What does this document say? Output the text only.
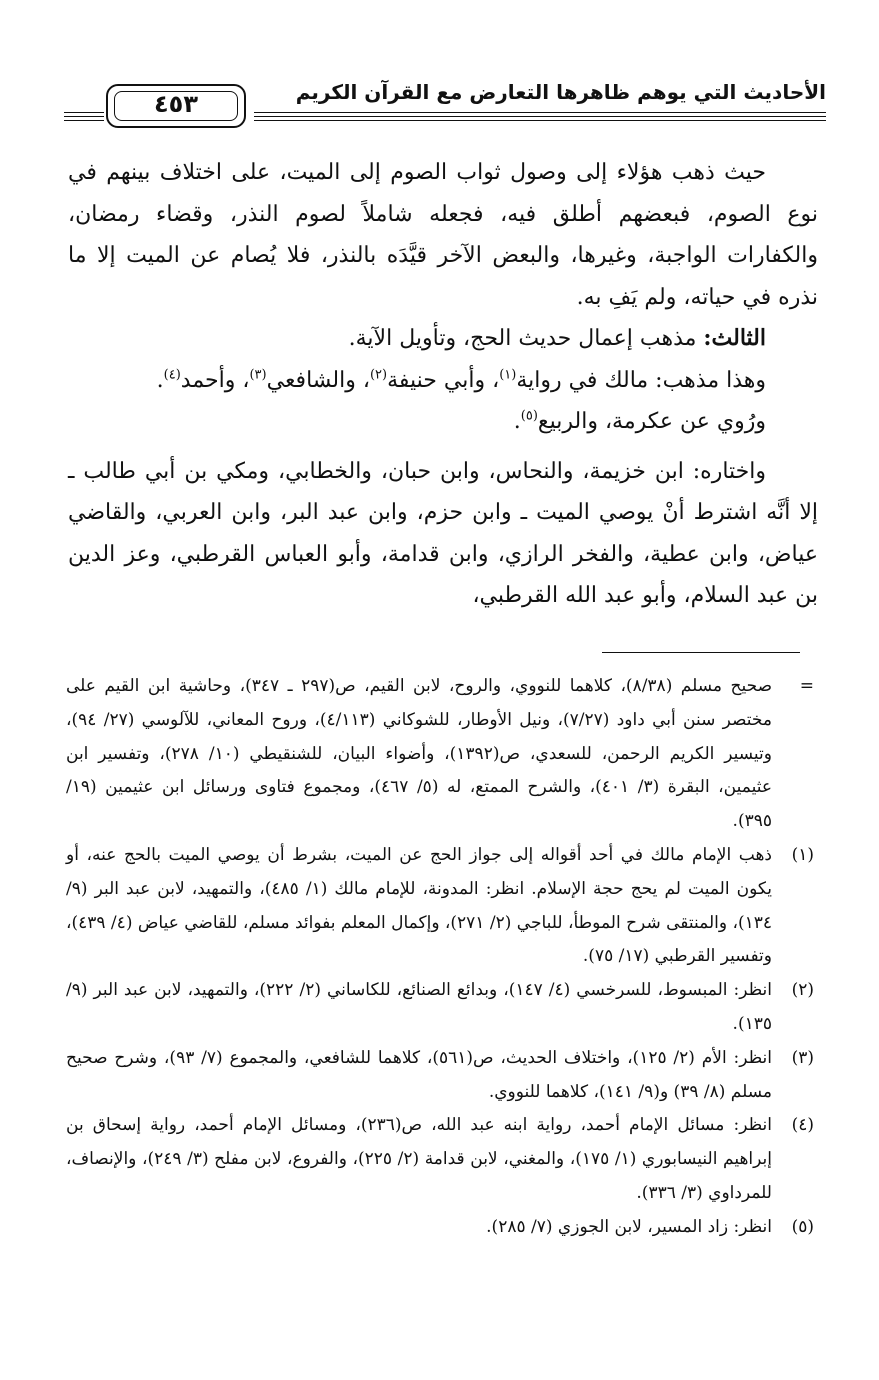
الأحاديث التي يوهم ظاهرها التعارض مع القرآن الكريم
٤٥٣

حيث ذهب هؤلاء إلى وصول ثواب الصوم إلى الميت، على اختلاف بينهم في نوع الصوم، فبعضهم أطلق فيه، فجعله شاملاً لصوم النذر، وقضاء رمضان، والكفارات الواجبة، وغيرها، والبعض الآخر قيَّدَه بالنذر، فلا يُصام عن الميت إلا ما نذره في حياته، ولم يَفِ به.

الثالث: مذهب إعمال حديث الحج، وتأويل الآية.

وهذا مذهب: مالك في رواية$^{(١)}$، وأبي حنيفة$^{(٢)}$، والشافعي$^{(٣)}$، وأحمد$^{(٤)}$.

ورُوي عن عكرمة، والربيع$^{(٥)}$.

واختاره: ابن خزيمة، والنحاس، وابن حبان، والخطابي، ومكي بن أبي طالب ـ إلا أنَّه اشترط أنْ يوصي الميت ـ وابن حزم، وابن عبد البر، وابن العربي، والقاضي عياض، وابن عطية، والفخر الرازي، وابن قدامة، وأبو العباس القرطبي، وعز الدين بن عبد السلام، وأبو عبد الله القرطبي،

=
صحيح مسلم (٨/٣٨)، كلاهما للنووي، والروح، لابن القيم، ص(٢٩٧ ـ ٣٤٧)، وحاشية ابن القيم على مختصر سنن أبي داود (٧/٢٧)، ونيل الأوطار، للشوكاني (٤/١١٣)، وروح المعاني، للآلوسي (٢٧/ ٩٤)، وتيسير الكريم الرحمن، للسعدي، ص(١٣٩٢)، وأضواء البيان، للشنقيطي (١٠/ ٢٧٨)، وتفسير ابن عثيمين، البقرة (٣/ ٤٠١)، والشرح الممتع، له (٥/ ٤٦٧)، ومجموع فتاوى ورسائل ابن عثيمين (١٩/ ٣٩٥).

(١)
ذهب الإمام مالك في أحد أقواله إلى جواز الحج عن الميت، بشرط أن يوصي الميت بالحج عنه، أو يكون الميت لم يحج حجة الإسلام. انظر: المدونة، للإمام مالك (١/ ٤٨٥)، والتمهيد، لابن عبد البر (٩/ ١٣٤)، والمنتقى شرح الموطأ، للباجي (٢/ ٢٧١)، وإكمال المعلم بفوائد مسلم، للقاضي عياض (٤/ ٤٣٩)، وتفسير القرطبي (١٧/ ٧٥).

(٢)
انظر: المبسوط، للسرخسي (٤/ ١٤٧)، وبدائع الصنائع، للكاساني (٢/ ٢٢٢)، والتمهيد، لابن عبد البر (٩/ ١٣٥).

(٣)
انظر: الأم (٢/ ١٢٥)، واختلاف الحديث، ص(٥٦١)، كلاهما للشافعي، والمجموع (٧/ ٩٣)، وشرح صحيح مسلم (٨/ ٣٩) و(٩/ ١٤١)، كلاهما للنووي.

(٤)
انظر: مسائل الإمام أحمد، رواية ابنه عبد الله، ص(٢٣٦)، ومسائل الإمام أحمد، رواية إسحاق بن إبراهيم النيسابوري (١/ ١٧٥)، والمغني، لابن قدامة (٢/ ٢٢٥)، والفروع، لابن مفلح (٣/ ٢٤٩)، والإنصاف، للمرداوي (٣/ ٣٣٦).

(٥)
انظر: زاد المسير، لابن الجوزي (٧/ ٢٨٥).
